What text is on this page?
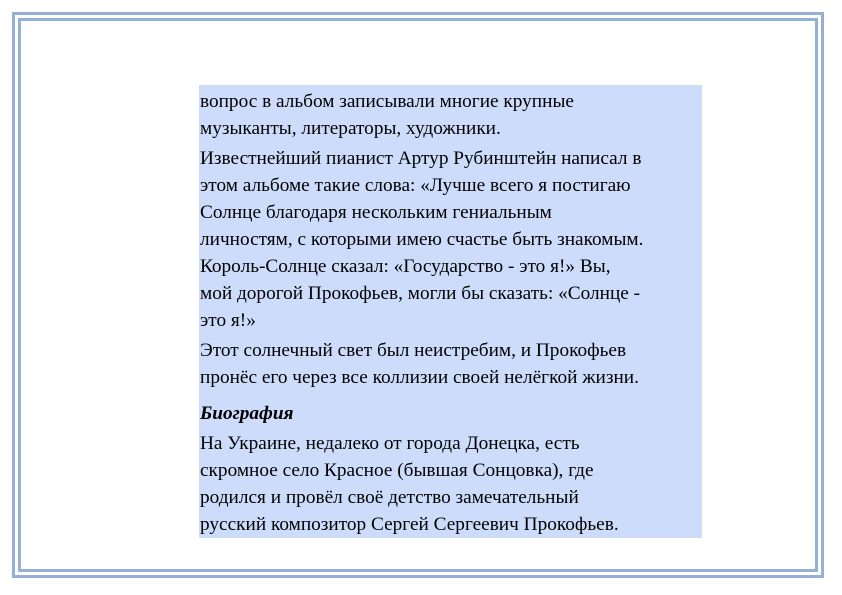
вопрос в альбом записывали многие крупные
музыканты, литераторы, художники.

Известнейший пианист Артур Рубинштейн написал в
этом альбоме такие слова: «Лучше всего я постигаю
Солнце благодаря нескольким гениальным
личностям, с которыми имею счастье быть знакомым.
Король-Солнце сказал: «Государство - это я!» Вы,
мой дорогой Прокофьев, могли бы сказать: «Солнце -
это я!»

Этот солнечный свет был неистребим, и Прокофьев
пронёс его через все коллизии своей нелёгкой жизни.

Биография

На Украине, недалеко от города Донецка, есть
скромное село Красное (бывшая Сонцовка), где
родился и провёл своё детство замечательный
русский композитор Сергей Сергеевич Прокофьев.
